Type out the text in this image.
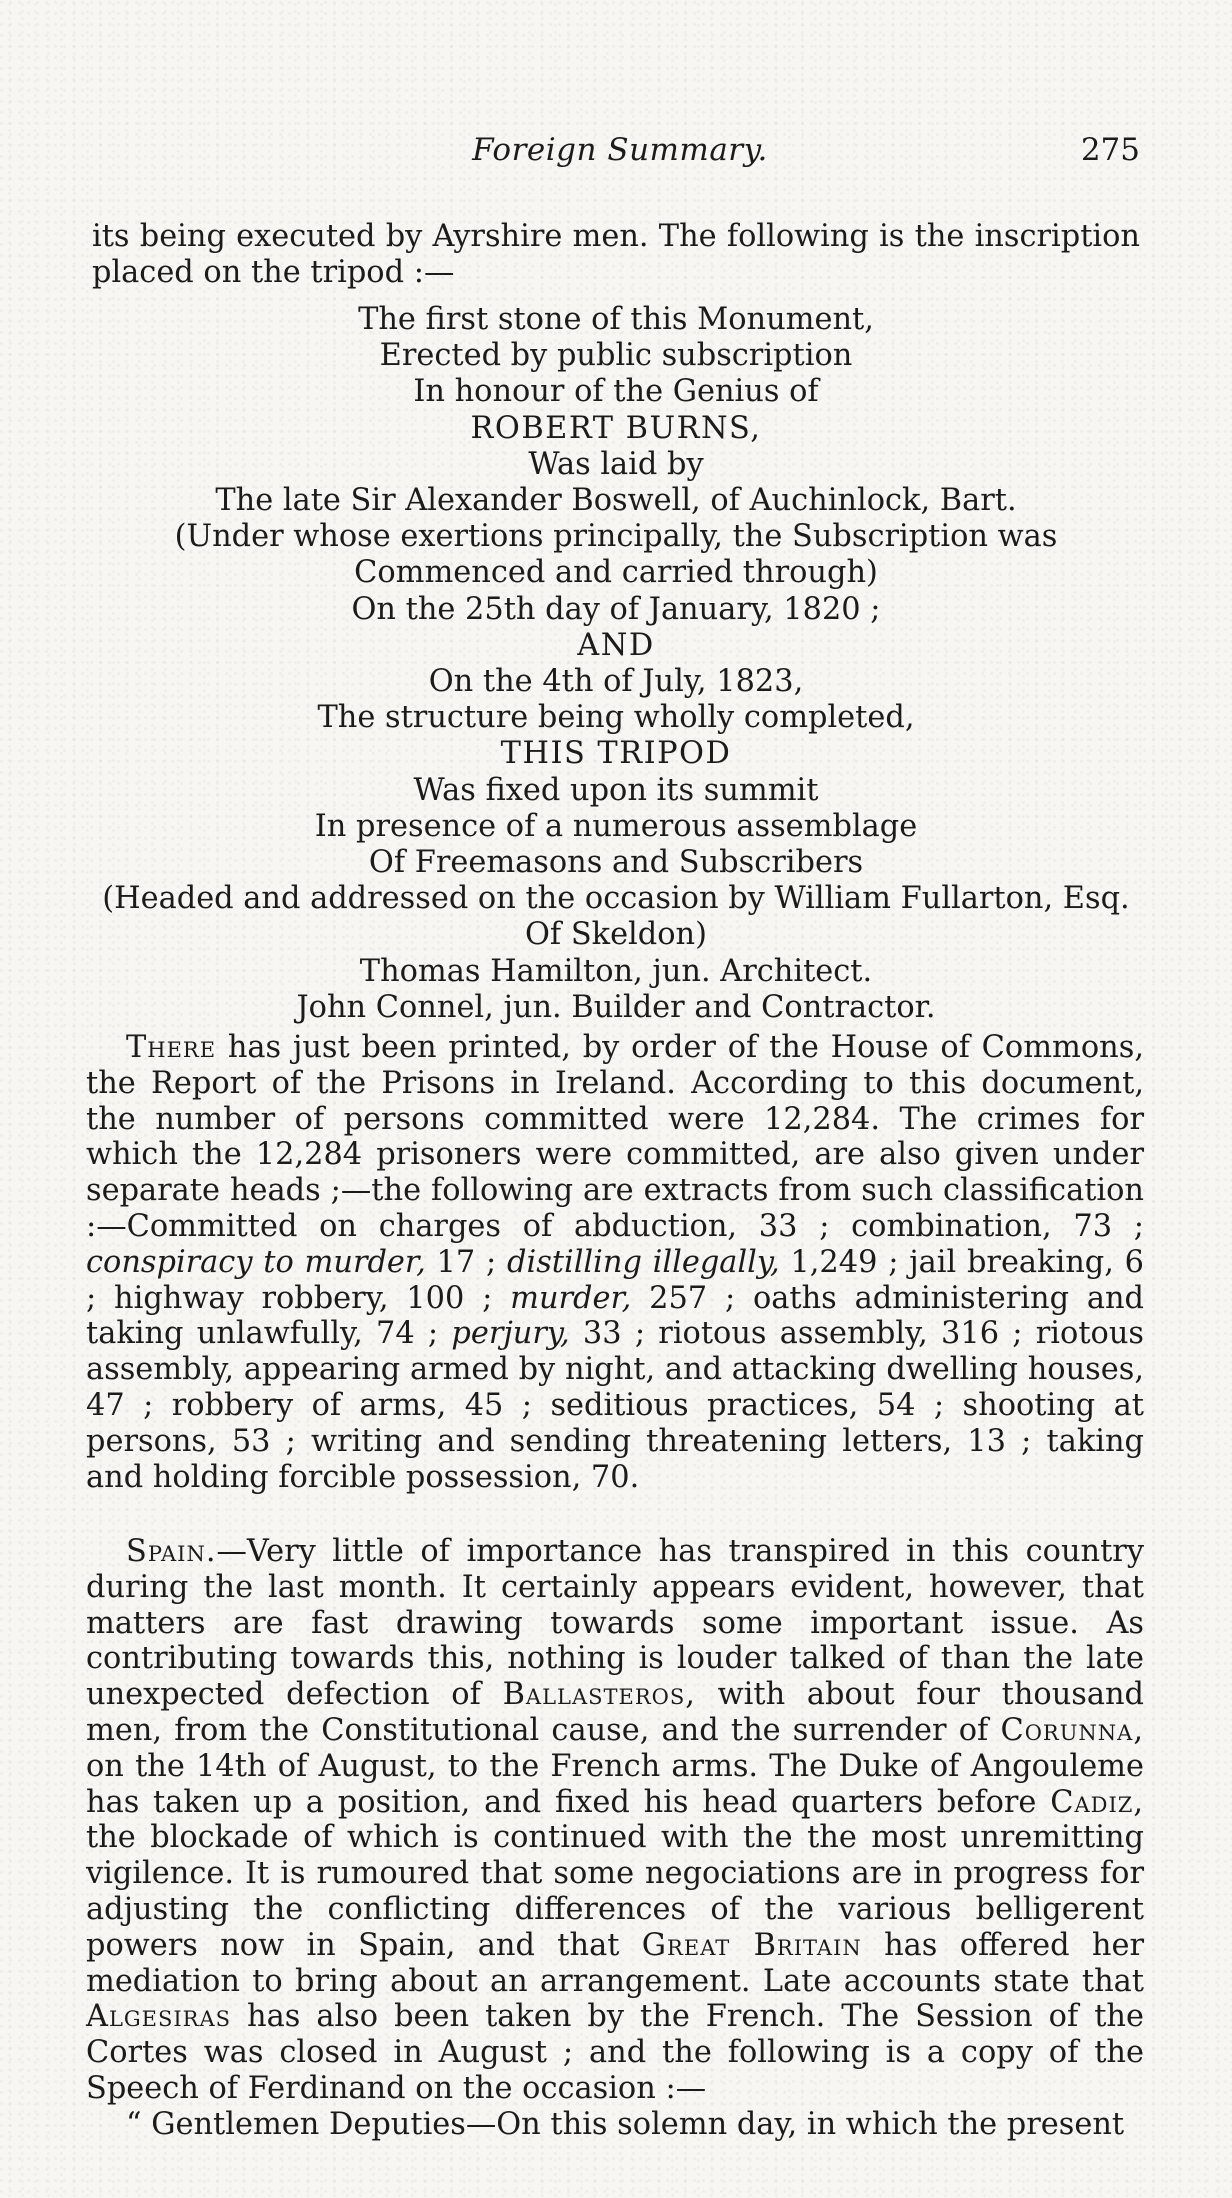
Foreign Summary.	275

its being executed by Ayrshire men. The following is the inscription placed on the tripod :—

The first stone of this Monument,
Erected by public subscription
In honour of the Genius of
ROBERT BURNS,
Was laid by
The late Sir Alexander Boswell, of Auchinlock, Bart.
(Under whose exertions principally, the Subscription was
Commenced and carried through)
On the 25th day of January, 1820 ;
AND
On the 4th of July, 1823,
The structure being wholly completed,
THIS TRIPOD
Was fixed upon its summit
In presence of a numerous assemblage
Of Freemasons and Subscribers
(Headed and addressed on the occasion by William Fullarton, Esq.
Of Skeldon)
Thomas Hamilton, jun. Architect.
John Connel, jun. Builder and Contractor.

There has just been printed, by order of the House of Commons, the Report of the Prisons in Ireland. According to this document, the number of persons committed were 12,284. The crimes for which the 12,284 prisoners were committed, are also given under separate heads ;—the following are extracts from such classification :—Committed on charges of abduction, 33 ; combination, 73 ; conspiracy to murder, 17 ; distilling illegally, 1,249 ; jail breaking, 6 ; highway robbery, 100 ; murder, 257 ; oaths administering and taking unlawfully, 74 ; perjury, 33 ; riotous assembly, 316 ; riotous assembly, appearing armed by night, and attacking dwelling houses, 47 ; robbery of arms, 45 ; seditious practices, 54 ; shooting at persons, 53 ; writing and sending threatening letters, 13 ; taking and holding forcible possession, 70.

Spain.—Very little of importance has transpired in this country during the last month. It certainly appears evident, however, that matters are fast drawing towards some important issue. As contributing towards this, nothing is louder talked of than the late unexpected defection of Ballasteros, with about four thousand men, from the Constitutional cause, and the surrender of Corunna, on the 14th of August, to the French arms. The Duke of Angouleme has taken up a position, and fixed his head quarters before Cadiz, the blockade of which is continued with the the most unremitting vigilence. It is rumoured that some negociations are in progress for adjusting the conflicting differences of the various belligerent powers now in Spain, and that Great Britain has offered her mediation to bring about an arrangement. Late accounts state that Algesiras has also been taken by the French. The Session of the Cortes was closed in August ; and the following is a copy of the Speech of Ferdinand on the occasion :—

“ Gentlemen Deputies—On this solemn day, in which the present
